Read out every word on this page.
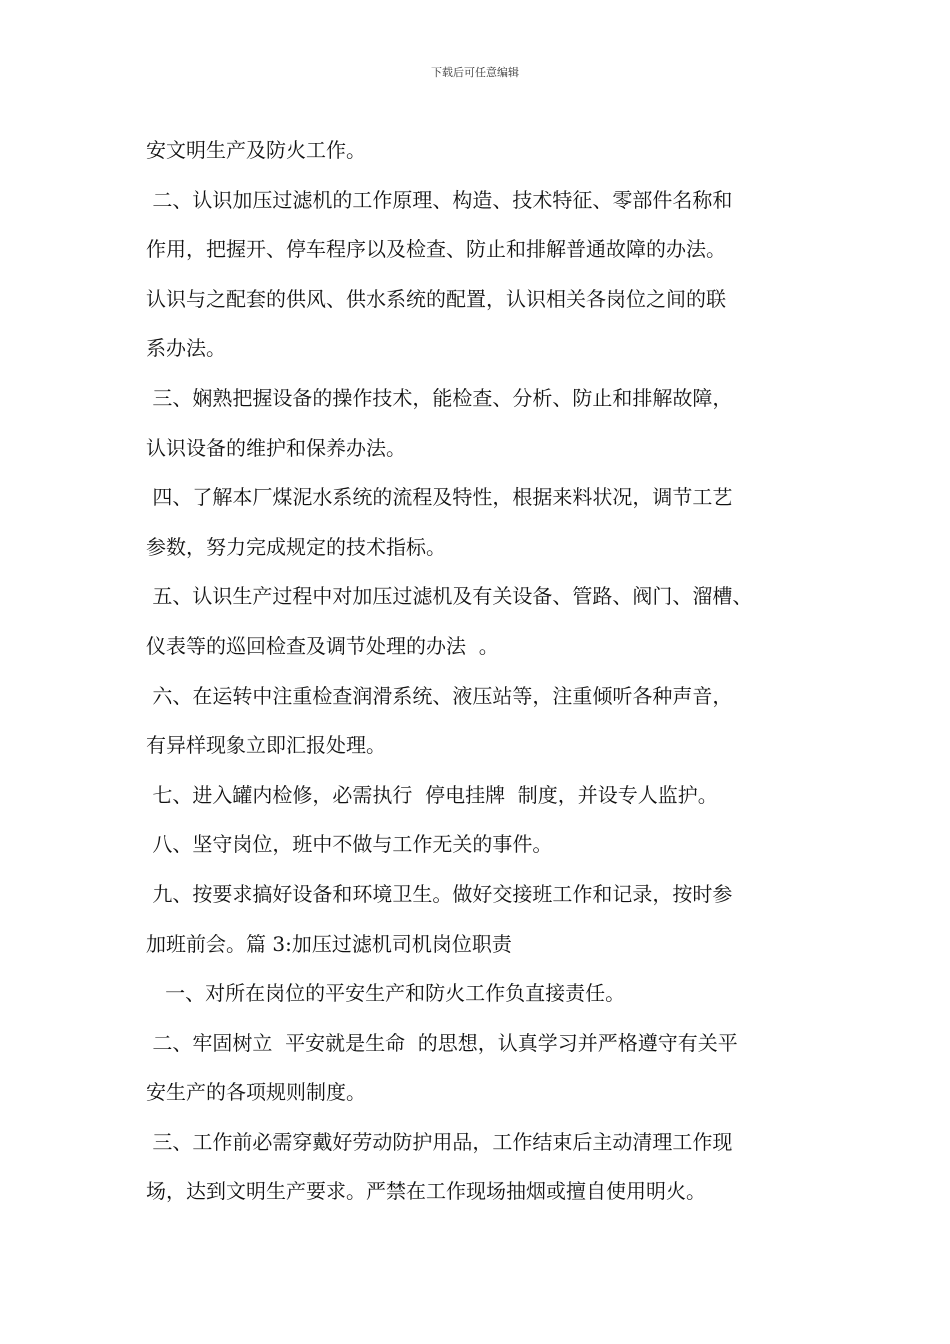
下载后可任意编辑
安文明生产及防火工作。
二、认识加压过滤机的工作原理、构造、技术特征、零部件名称和
作用，把握开、停车程序以及检查、防止和排解普通故障的办法。
认识与之配套的供风、供水系统的配置，认识相关各岗位之间的联
系办法。
三、娴熟把握设备的操作技术，能检查、分析、防止和排解故障，
认识设备的维护和保养办法。
四、了解本厂煤泥水系统的流程及特性，根据来料状况，调节工艺
参数，努力完成规定的技术指标。
五、认识生产过程中对加压过滤机及有关设备、管路、阀门、溜槽、
仪表等的巡回检查及调节处理的办法  。
六、在运转中注重检查润滑系统、液压站等，注重倾听各种声音，
有异样现象立即汇报处理。
七、进入罐内检修，必需执行  停电挂牌  制度，并设专人监护。
八、坚守岗位，班中不做与工作无关的事件。
九、按要求搞好设备和环境卫生。做好交接班工作和记录，按时参
加班前会。篇 3:加压过滤机司机岗位职责
一、对所在岗位的平安生产和防火工作负直接责任。
二、牢固树立  平安就是生命  的思想，认真学习并严格遵守有关平
安生产的各项规则制度。
三、工作前必需穿戴好劳动防护用品，工作结束后主动清理工作现
场，达到文明生产要求。严禁在工作现场抽烟或擅自使用明火。
